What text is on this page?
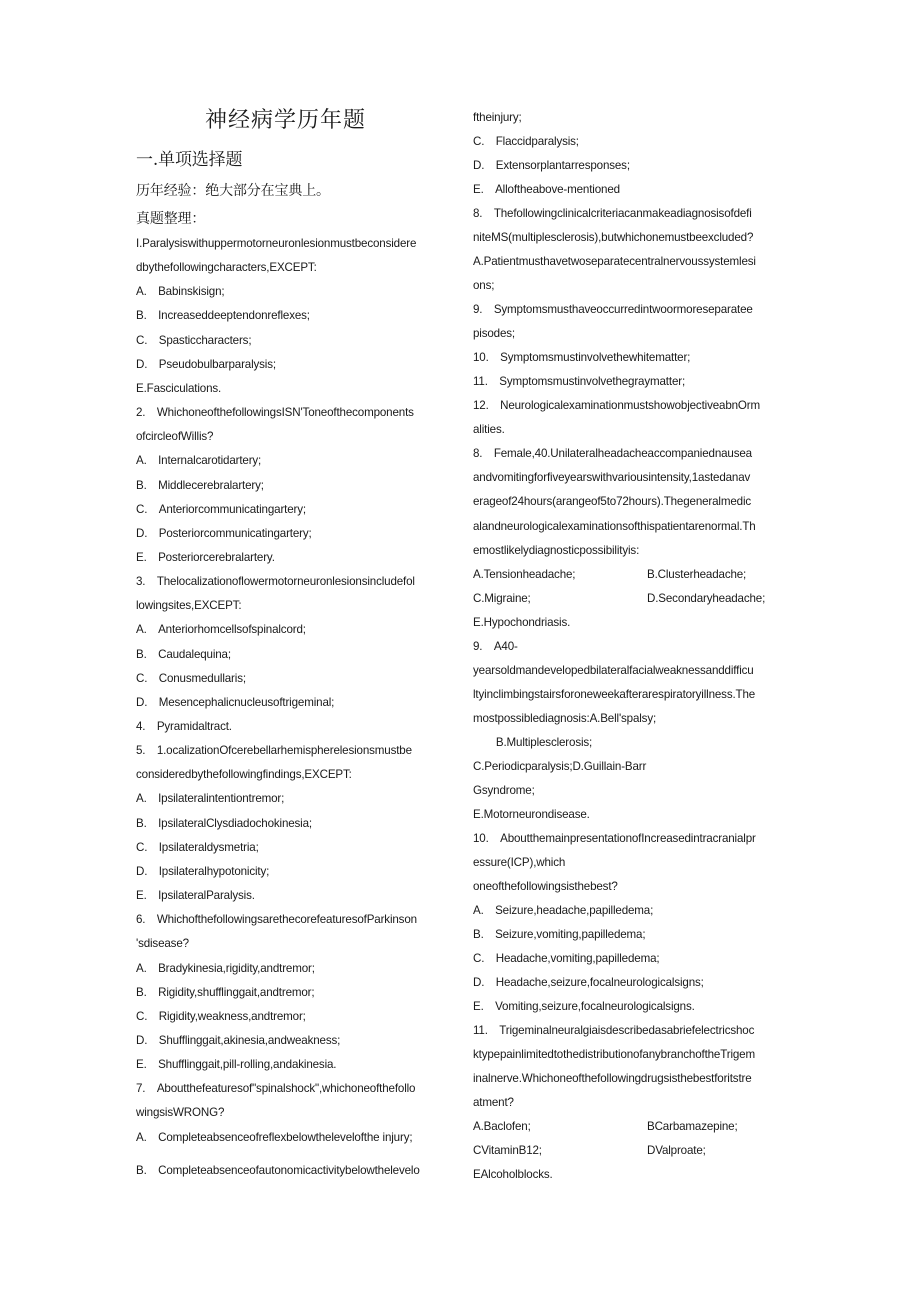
神经病学历年题
一.单项选择题
历年经验：绝大部分在宝典上。
真题整理：
I.Paralysiswithuppermotorneuronlesionmustbeconsidere
dbythefollowingcharacters,EXCEPT:
A. Babinskisign;
B. Increaseddeeptendonreflexes;
C. Spasticcharacters;
D. Pseudobulbarparalysis;
E.Fasciculations.
2. WhichoneofthefollowingsISN'Toneofthecomponents
ofcircleofWillis?
A. Internalcarotidartery;
B. Middlecerebralartery;
C. Anteriorcommunicatingartery;
D. Posteriorcommunicatingartery;
E. Posteriorcerebralartery.
3. Thelocalizationoflowermotorneuronlesionsincludefol
lowingsites,EXCEPT:
A. Anteriorhomcellsofspinalcord;
B. Caudalequina;
C. Conusmedullaris;
D. Mesencephalicnucleusoftrigeminal;
4. Pyramidaltract.
5. 1.ocalizationOfcerebellarhemispherelesionsmustbe
consideredbythefollowingfindings,EXCEPT:
A. Ipsilateralintentiontremor;
B. IpsilateralClysdiadochokinesia;
C. Ipsilateraldysmetria;
D. Ipsilateralhypotonicity;
E. IpsilateralParalysis.
6. WhichofthefollowingsarethecorefeaturesofParkinson
'sdisease?
A. Bradykinesia,rigidity,andtremor;
B. Rigidity,shufflinggait,andtremor;
C. Rigidity,weakness,andtremor;
D. Shufflinggait,akinesia,andweakness;
E. Shufflinggait,pill-rolling,andakinesia.
7. Aboutthefeaturesof"spinalshock",whichoneofthefollo
wingsisWRONG?
A. Completeabsenceofreflexbelowthelevelofthe injury;
B. Completeabsenceofautonomicactivitybelowthelevelo
ftheinjury;
C. Flaccidparalysis;
D. Extensorplantarresponses;
E. Alloftheabove-mentioned
8. Thefollowingclinicalcriteriacanmakeadiagnosisofdefi
niteMS(multiplesclerosis),butwhichonemustbeexcluded?
A.Patientmusthavetwoseparatecentralnervoussystemlesi
ons;
9. Symptomsmusthaveoccurredintwoormoreseparatee
pisodes;
10. Symptomsmustinvolvethewhitematter;
11. Symptomsmustinvolvethegraymatter;
12. NeurologicalexaminationmustshowobjectiveabnOrm
alities.
8. Female,40.Unilateralheadacheaccompaniednausea
andvomitingforfiveyearswithvariousintensity,1astedanav
erageof24hours(arangeof5to72hours).Thegeneralmedic
alandneurologicalexaminationsofthispatientarenormal.Th
emostlikelydiagnosticpossibilityis:
A.Tensionheadache;	B.Clusterheadache;
C.Migraine;	D.Secondaryheadache;
E.Hypochondriasis.
9. A40-
yearsoldmandevelopedbilateralfacialweaknessanddifficu
ltyinclimbingstairsforoneweekafterarespiratoryillness.The
mostpossiblediagnosis:A.Bell'spalsy;
  B.Multiplesclerosis;
C.Periodicparalysis;D.Guillain-Barr
Gsyndrome;
E.Motorneurondisease.
10. AboutthemainpresentationofIncreasedintracranialpr
essure(ICP),which
oneofthefollowingsisthebest?
A. Seizure,headache,papilledema;
B. Seizure,vomiting,papilledema;
C. Headache,vomiting,papilledema;
D. Headache,seizure,focalneurologicalsigns;
E. Vomiting,seizure,focalneurologicalsigns.
11. Trigeminalneuralgiaisdescribedasabriefelectricshoc
ktypepainlimitedtothedistributionofanybranchoftheTrigem
inalnerve.Whichoneofthefollowingdrugsisthebestforitstre
atment?
A.Baclofen;	BCarbamazepine;
CVitaminB12;	DValproate;
EAlcoholblocks.
